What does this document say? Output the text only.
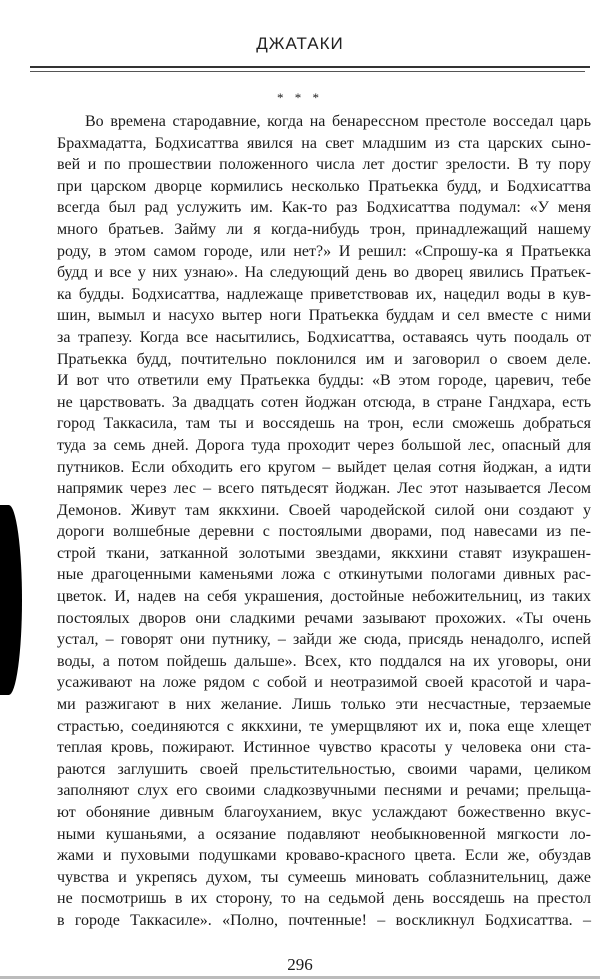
ДЖАТАКИ
* * *
Во времена стародавние, когда на бенарессном престоле восседал царь
Брахмадатта, Бодхисаттва явился на свет младшим из ста царских сыно-
вей и по прошествии положенного числа лет достиг зрелости. В ту пору
при царском дворце кормились несколько Пратьекка будд, и Бодхисаттва
всегда был рад услужить им. Как-то раз Бодхисаттва подумал: «У меня
много братьев. Займу ли я когда-нибудь трон, принадлежащий нашему
роду, в этом самом городе, или нет?» И решил: «Спрошу-ка я Пратьекка
будд и все у них узнаю». На следующий день во дворец явились Пратьек-
ка будды. Бодхисаттва, надлежаще приветствовав их, нацедил воды в кув-
шин, вымыл и насухо вытер ноги Пратьекка буддам и сел вместе с ними
за трапезу. Когда все насытились, Бодхисаттва, оставаясь чуть поодаль от
Пратьекка будд, почтительно поклонился им и заговорил о своем деле.
И вот что ответили ему Пратьекка будды: «В этом городе, царевич, тебе
не царствовать. За двадцать сотен йоджан отсюда, в стране Гандхара, есть
город Таккасила, там ты и воссядешь на трон, если сможешь добраться
туда за семь дней. Дорога туда проходит через большой лес, опасный для
путников. Если обходить его кругом – выйдет целая сотня йоджан, а идти
напрямик через лес – всего пятьдесят йоджан. Лес этот называется Лесом
Демонов. Живут там яккхини. Своей чародейской силой они создают у
дороги волшебные деревни с постоялыми дворами, под навесами из пе-
строй ткани, затканной золотыми звездами, яккхини ставят изукрашен-
ные драгоценными каменьями ложа с откинутыми пологами дивных рас-
цветок. И, надев на себя украшения, достойные небожительниц, из таких
постоялых дворов они сладкими речами зазывают прохожих. «Ты очень
устал, – говорят они путнику, – зайди же сюда, присядь ненадолго, испей
воды, а потом пойдешь дальше». Всех, кто поддался на их уговоры, они
усаживают на ложе рядом с собой и неотразимой своей красотой и чара-
ми разжигают в них желание. Лишь только эти несчастные, терзаемые
страстью, соединяются с яккхини, те умерщвляют их и, пока еще хлещет
теплая кровь, пожирают. Истинное чувство красоты у человека они ста-
раются заглушить своей прельстительностью, своими чарами, целиком
заполняют слух его своими сладкозвучными песнями и речами; прельща-
ют обоняние дивным благоуханием, вкус услаждают божественно вкус-
ными кушаньями, а осязание подавляют необыкновенной мягкости ло-
жами и пуховыми подушками кроваво-красного цвета. Если же, обуздав
чувства и укрепясь духом, ты сумеешь миновать соблазнительниц, даже
не посмотришь в их сторону, то на седьмой день воссядешь на престол
в городе Таккасиле». «Полно, почтенные! – воскликнул Бодхисаттва. –
296
